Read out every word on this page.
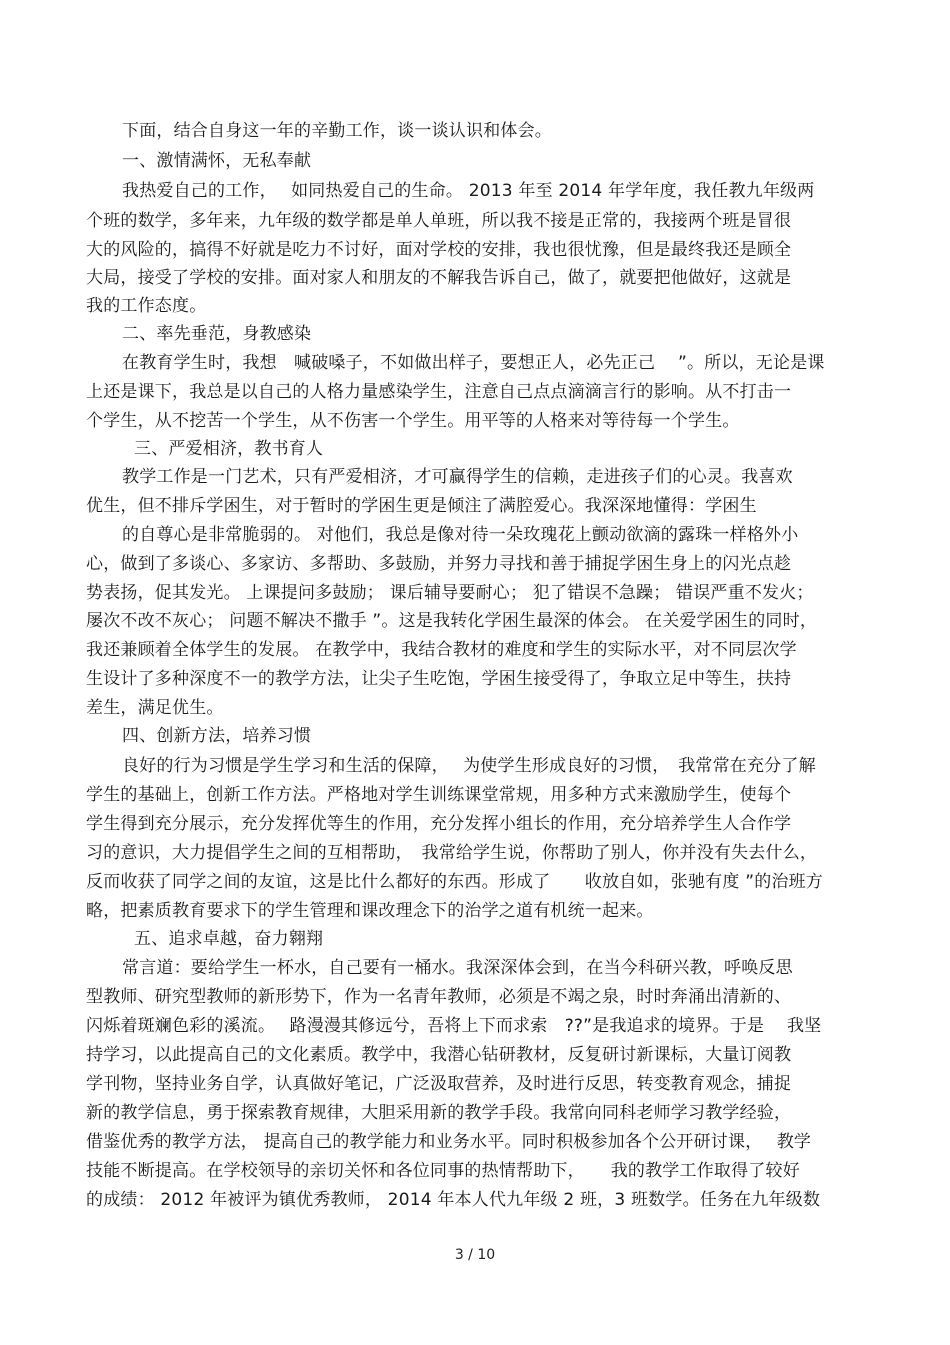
下面，结合自身这一年的辛勤工作，谈一谈认识和体会。
一、激情满怀，无私奉献
我热爱自己的工作，　 如同热爱自己的生命。 2013 年至 2014 年学年度，我任教九年级两
个班的数学，多年来，九年级的数学都是单人单班，所以我不接是正常的，我接两个班是冒很
大的风险的，搞得不好就是吃力不讨好，面对学校的安排，我也很忧豫，但是最终我还是顾全
大局，接受了学校的安排。面对家人和朋友的不解我告诉自己，做了，就要把他做好，这就是
我的工作态度。
二、率先垂范，身教感染
在教育学生时，我想　喊破嗓子，不如做出样子，要想正人，必先正己　 ”。所以，无论是课
上还是课下，我总是以自己的人格力量感染学生，注意自己点点滴滴言行的影响。从不打击一
个学生，从不挖苦一个学生，从不伤害一个学生。用平等的人格来对等待每一个学生。
三、严爱相济，教书育人
教学工作是一门艺术，只有严爱相济，才可赢得学生的信赖，走进孩子们的心灵。我喜欢
优生，但不排斥学困生，对于暂时的学困生更是倾注了满腔爱心。我深深地懂得：学困生
的自尊心是非常脆弱的。 对他们，我总是像对待一朵玫瑰花上颤动欲滴的露珠一样格外小
心，做到了多谈心、多家访、多帮助、多鼓励，并努力寻找和善于捕捉学困生身上的闪光点趁
势表扬，促其发光。 上课提问多鼓励； 课后辅导要耐心； 犯了错误不急躁； 错误严重不发火；
屡次不改不灰心； 问题不解决不撒手 ”。这是我转化学困生最深的体会。 在关爱学困生的同时，
我还兼顾着全体学生的发展。 在教学中，我结合教材的难度和学生的实际水平，对不同层次学
生设计了多种深度不一的教学方法，让尖子生吃饱，学困生接受得了，争取立足中等生，扶持
差生，满足优生。
四、创新方法，培养习惯
良好的行为习惯是学生学习和生活的保障，　 为使学生形成良好的习惯，　我常常在充分了解
学生的基础上，创新工作方法。严格地对学生训练课堂常规，用多种方式来激励学生，使每个
学生得到充分展示，充分发挥优等生的作用，充分发挥小组长的作用，充分培养学生人合作学
习的意识，大力提倡学生之间的互相帮助，　我常给学生说，你帮助了别人，你并没有失去什么，
反而收获了同学之间的友谊，这是比什么都好的东西。形成了　　收放自如，张驰有度 ”的治班方
略，把素质教育要求下的学生管理和课改理念下的治学之道有机统一起来。
五、追求卓越，奋力翱翔
常言道：要给学生一杯水，自己要有一桶水。我深深体会到，在当今科研兴教，呼唤反思
型教师、研究型教师的新形势下，作为一名青年教师，必须是不竭之泉，时时奔涌出清新的、
闪烁着斑斓色彩的溪流。　 路漫漫其修远兮，吾将上下而求索　??”是我追求的境界。于是　 我坚
持学习，以此提高自己的文化素质。教学中，我潜心钻研教材，反复研讨新课标，大量订阅教
学刊物，坚持业务自学，认真做好笔记，广泛汲取营养，及时进行反思，转变教育观念，捕捉
新的教学信息，勇于探索教育规律，大胆采用新的教学手段。我常向同科老师学习教学经验，
借鉴优秀的教学方法， 提高自己的教学能力和业务水平。同时积极参加各个公开研讨课，　 教学
技能不断提高。在学校领导的亲切关怀和各位同事的热情帮助下，　　我的教学工作取得了较好
的成绩： 2012 年被评为镇优秀教师， 2014 年本人代九年级 2 班，3 班数学。任务在九年级数
3 / 10
